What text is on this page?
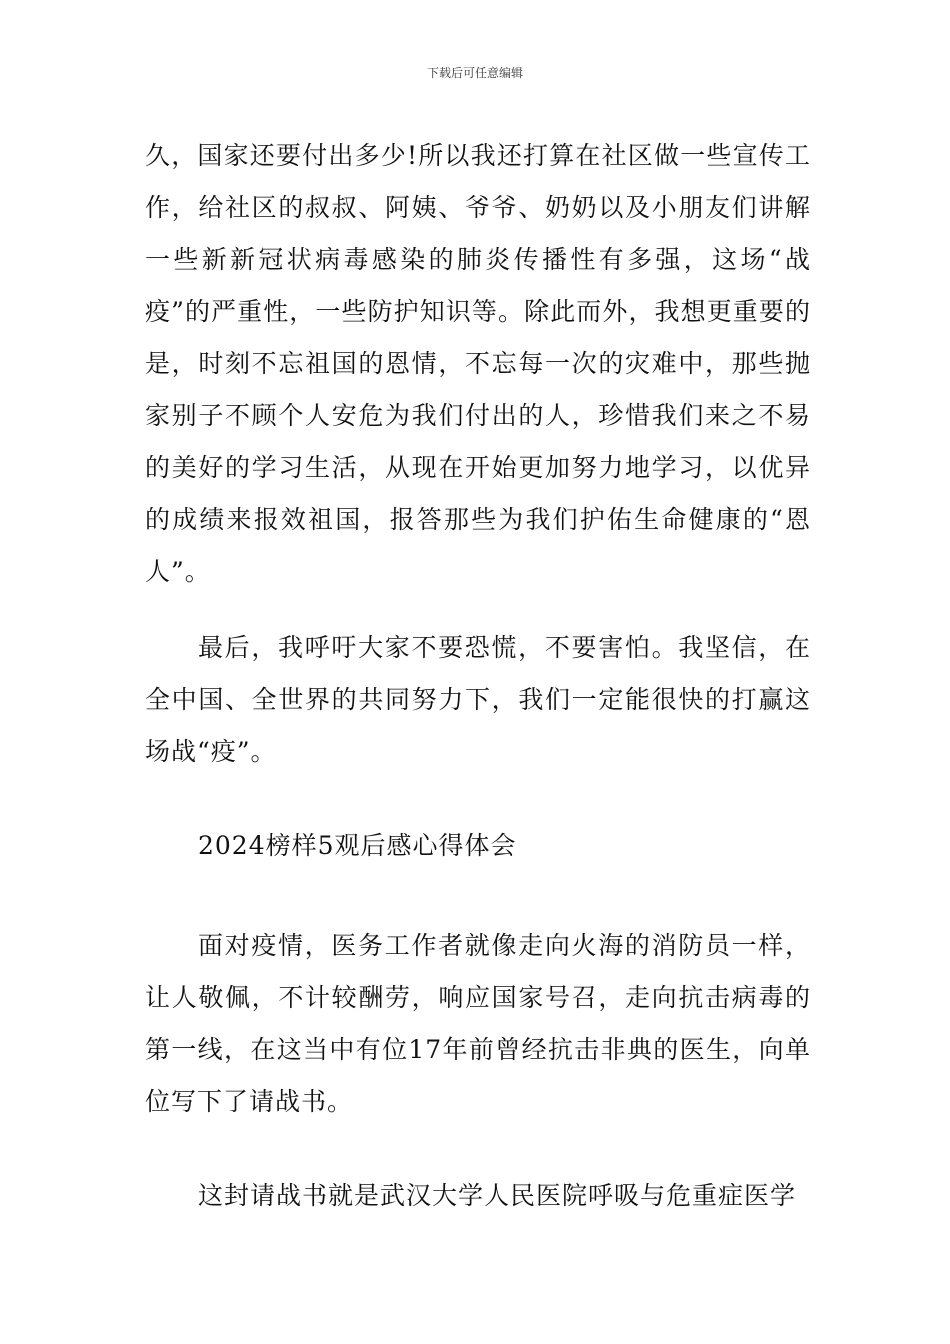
下载后可任意编辑

久，国家还要付出多少!所以我还打算在社区做一些宣传工作，给社区的叔叔、阿姨、爷爷、奶奶以及小朋友们讲解一些新新冠状病毒感染的肺炎传播性有多强，这场“战疫”的严重性，一些防护知识等。除此而外，我想更重要的是，时刻不忘祖国的恩情，不忘每一次的灾难中，那些抛家别子不顾个人安危为我们付出的人，珍惜我们来之不易的美好的学习生活，从现在开始更加努力地学习，以优异的成绩来报效祖国，报答那些为我们护佑生命健康的“恩人”。

最后，我呼吁大家不要恐慌，不要害怕。我坚信，在全中国、全世界的共同努力下，我们一定能很快的打赢这场战“疫”。

2024榜样5观后感心得体会

面对疫情，医务工作者就像走向火海的消防员一样，让人敬佩，不计较酬劳，响应国家号召，走向抗击病毒的第一线，在这当中有位17年前曾经抗击非典的医生，向单位写下了请战书。

这封请战书就是武汉大学人民医院呼吸与危重症医学
